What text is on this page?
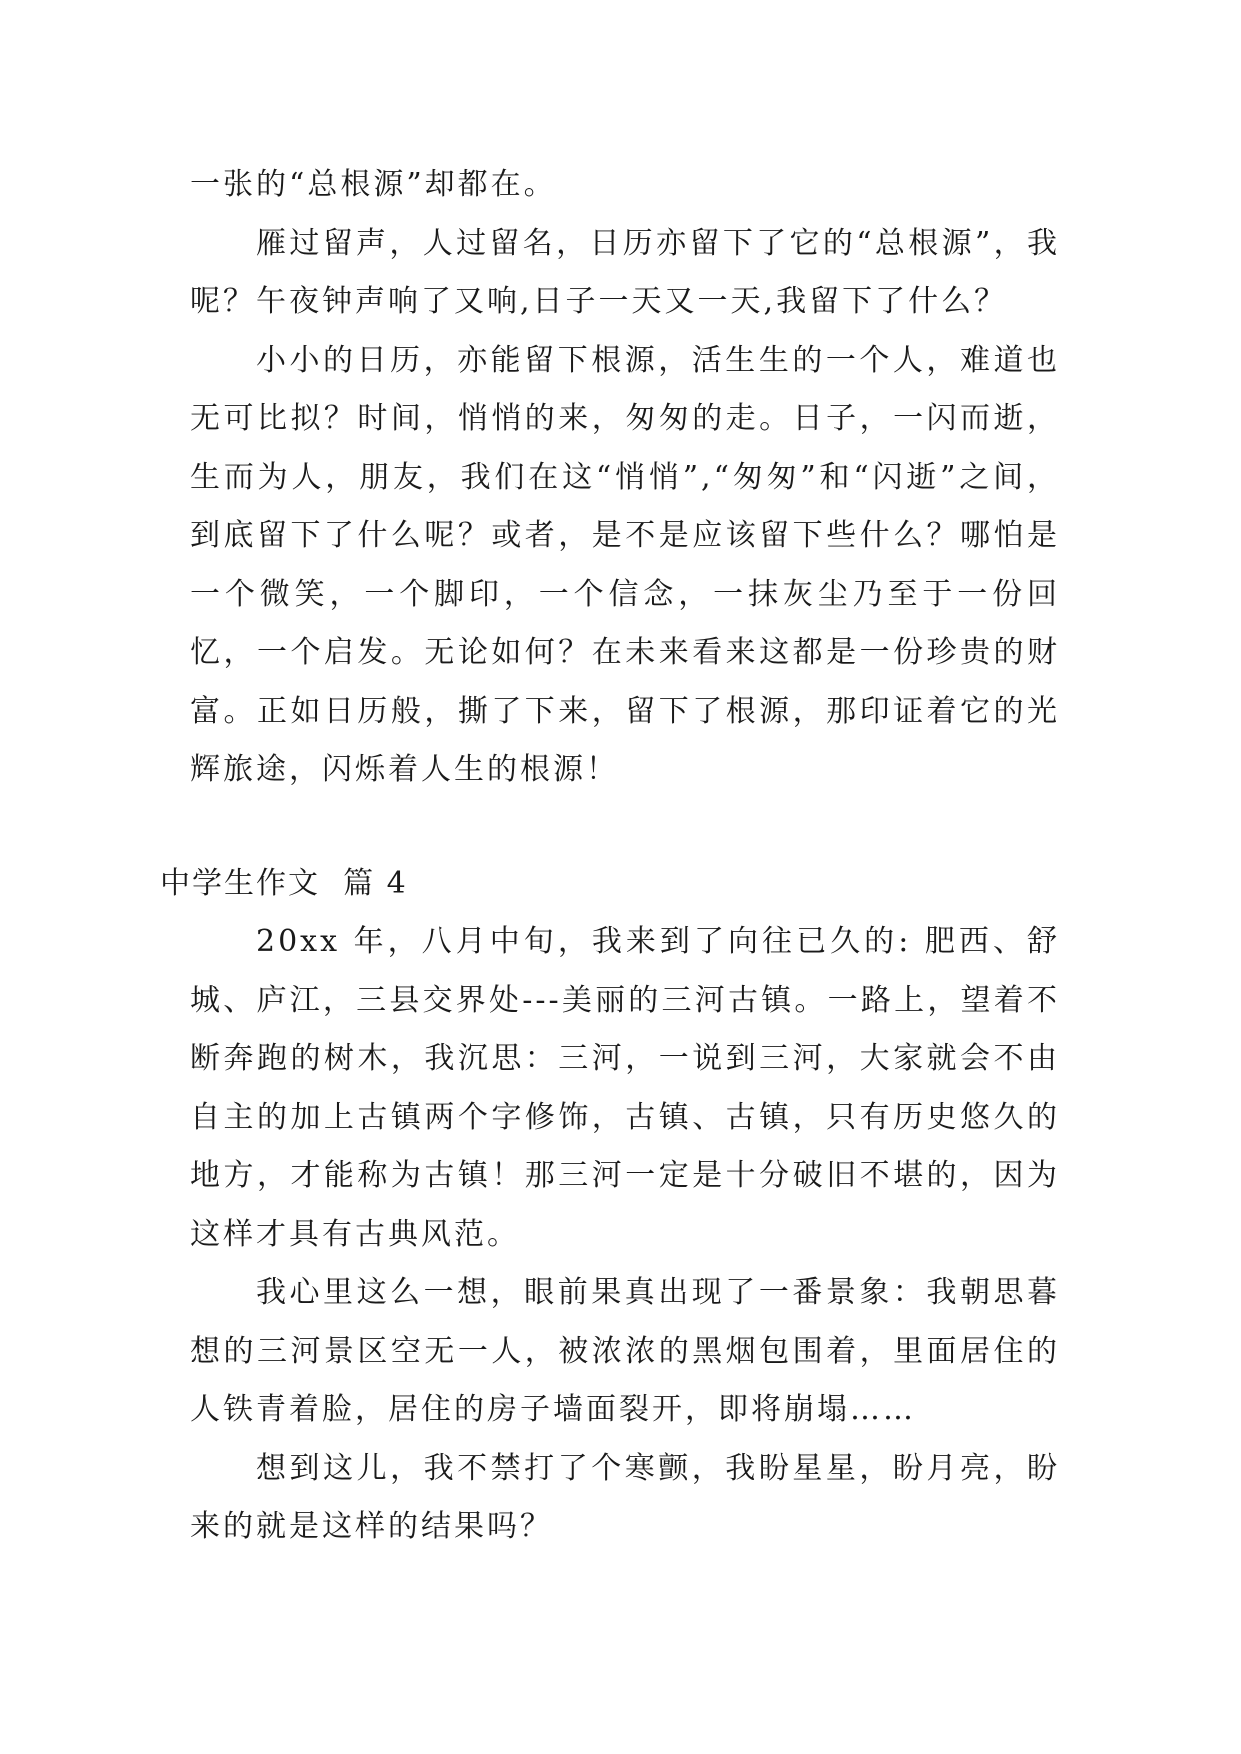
一张的“总根源”却都在。

雁过留声，人过留名，日历亦留下了它的“总根源”，我呢？午夜钟声响了又响,日子一天又一天,我留下了什么？

小小的日历，亦能留下根源，活生生的一个人，难道也无可比拟？时间，悄悄的来，匆匆的走。日子，一闪而逝，生而为人，朋友，我们在这“悄悄”,“匆匆”和“闪逝”之间，到底留下了什么呢？或者，是不是应该留下些什么？哪怕是一个微笑，一个脚印，一个信念，一抹灰尘乃至于一份回忆，一个启发。无论如何？在未来看来这都是一份珍贵的财富。正如日历般，撕了下来，留下了根源，那印证着它的光辉旅途，闪烁着人生的根源！

中学生作文  篇 4

20xx 年，八月中旬，我来到了向往已久的: 肥西、舒城、庐江，三县交界处---美丽的三河古镇。一路上，望着不断奔跑的树木，我沉思：三河，一说到三河，大家就会不由自主的加上古镇两个字修饰，古镇、古镇，只有历史悠久的地方，才能称为古镇！那三河一定是十分破旧不堪的，因为这样才具有古典风范。

我心里这么一想，眼前果真出现了一番景象：我朝思暮想的三河景区空无一人，被浓浓的黑烟包围着，里面居住的人铁青着脸，居住的房子墙面裂开，即将崩塌……

想到这儿，我不禁打了个寒颤，我盼星星，盼月亮，盼来的就是这样的结果吗？
